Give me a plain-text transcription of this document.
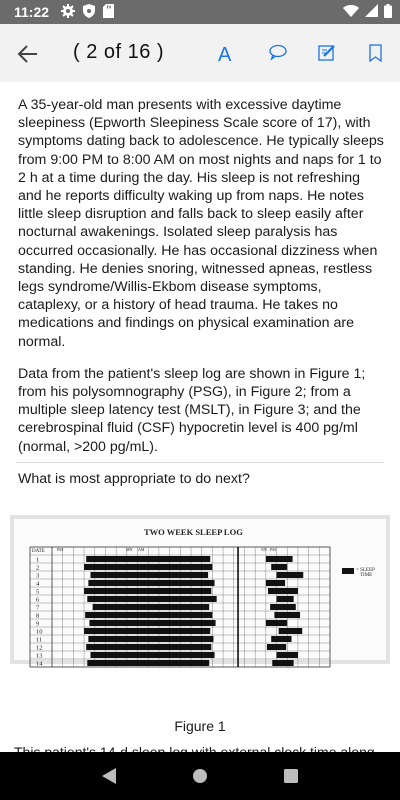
11:22
( 2 of 16 )	A

A 35-year-old man presents with excessive daytime sleepiness (Epworth Sleepiness Scale score of 17), with symptoms dating back to adolescence. He typically sleeps from 9:00 PM to 8:00 AM on most nights and naps for 1 to 2 h at a time during the day. His sleep is not refreshing and he reports difficulty waking up from naps. He notes little sleep disruption and falls back to sleep easily after nocturnal awakenings. Isolated sleep paralysis has occurred occasionally. He has occasional dizziness when standing. He denies snoring, witnessed apneas, restless legs syndrome/Willis-Ekbom disease symptoms, cataplexy, or a history of head trauma. He takes no medications and findings on physical examination are normal.

Data from the patient's sleep log are shown in Figure 1; from his polysomnography (PSG), in Figure 2; from a multiple sleep latency test (MSLT), in Figure 3; and the cerebrospinal fluid (CSF) hypocretin level is 400 pg/ml (normal, >200 pg/mL).

What is most appropriate to do next?

TWO WEEK SLEEP LOG
1
2
3
4
5
6
7
8
9
10
11
12
13
14
DATE	PM	MN AM	NN PM
= SLEEP
TIME
Figure 1
